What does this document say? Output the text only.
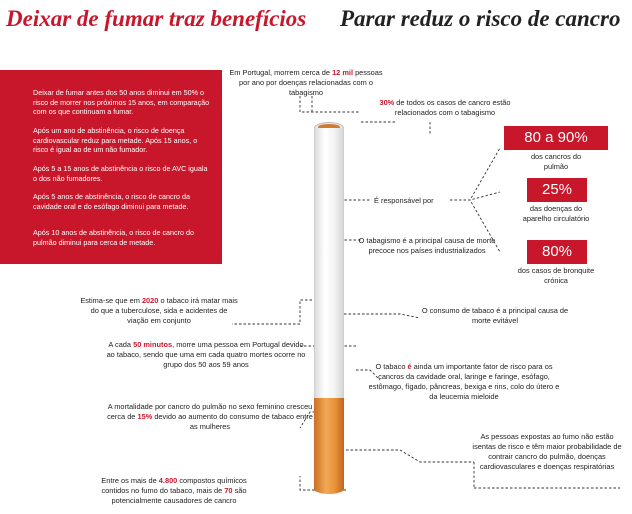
Deixar de fumar traz benefícios	Parar reduz o risco de cancro

Deixar de fumar antes dos 50 anos diminui em 50% o risco de morrer nos próximos 15 anos, em comparação com os que continuam a fumar.

Após um ano de abstinência, o risco de doença cardiovascular reduz para metade. Após 15 anos, o risco é igual ao de um não fumador.

Após 5 a 15 anos de abstinência o risco de AVC iguala o dos não fumadores.

Após 5 anos de abstinência, o risco de cancro da cavidade oral e do esófago diminui para metade.

Após 10 anos de abstinência, o risco de cancro do pulmão diminui para cerca de metade.

Em Portugal, morrem cerca de 12 mil pessoas por ano por doenças relacionadas com o tabagismo

30% de todos os casos de cancro estão relacionados com o tabagismo

É responsável por

O tabagismo é a principal causa de morte precoce nos países industrializados

80 a 90%
dos cancros do pulmão
25%
das doenças do aparelho circulatório
80%
dos casos de bronquite crónica

O consumo de tabaco é a principal causa de morte evitável

O tabaco é ainda um importante fator de risco para os cancros da cavidade oral, laringe e faringe, esófago, estômago, fígado, pâncreas, bexiga e rins, colo do útero e da leucemia mieloide

As pessoas expostas ao fumo não estão isentas de risco e têm maior probabilidade de contrair cancro do pulmão, doenças cardiovasculares e doenças respiratórias

Estima-se que em 2020 o tabaco irá matar mais do que a tuberculose, sida e acidentes de viação em conjunto

A cada 50 minutos, morre uma pessoa em Portugal devido ao tabaco, sendo que uma em cada quatro mortes ocorre no grupo dos 50 aos 59 anos

A mortalidade por cancro do pulmão no sexo feminino cresceu cerca de 15% devido ao aumento do consumo de tabaco entre as mulheres

Entre os mais de 4.800 compostos químicos contidos no fumo do tabaco, mais de 70 são potencialmente causadores de cancro
